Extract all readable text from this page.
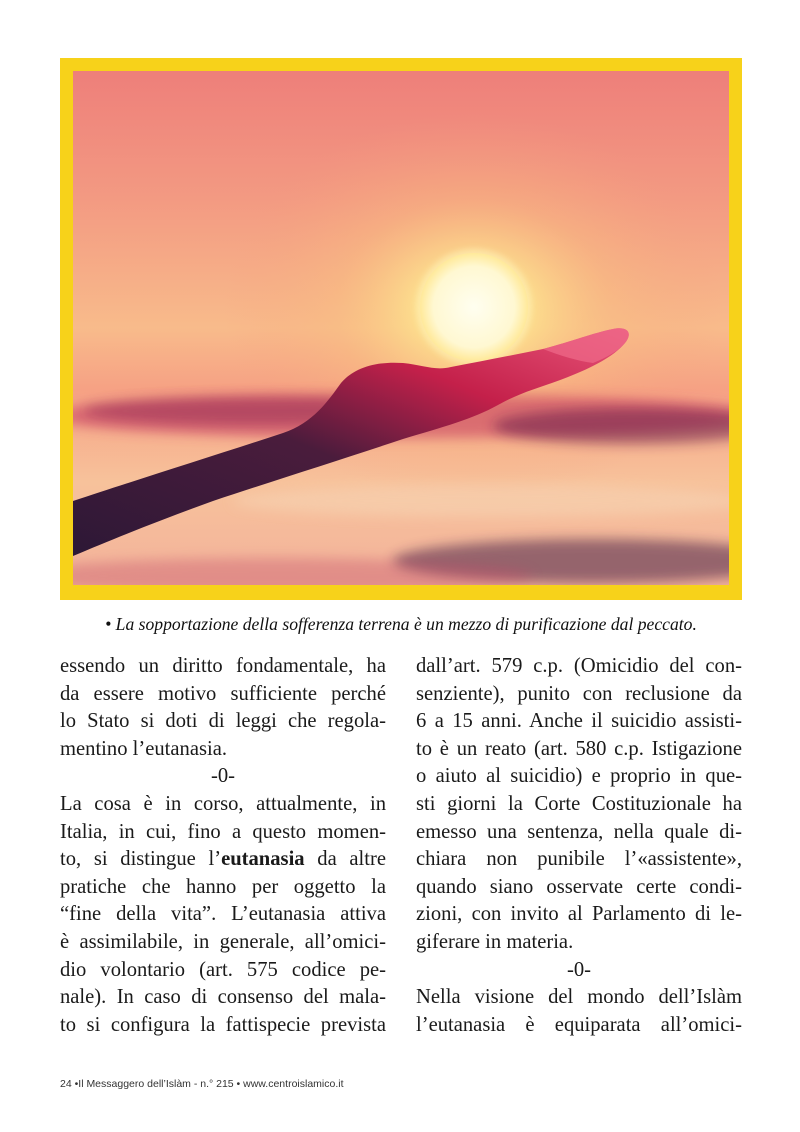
• La sopportazione della sofferenza terrena è un mezzo di purificazione dal peccato.
essendo un diritto fondamentale, ha
da essere motivo sufficiente perché
lo Stato si doti di leggi che regola-
mentino l’eutanasia.
-0-
La cosa è in corso, attualmente, in
Italia, in cui, fino a questo momen-
to, si distingue l’eutanasia da altre
pratiche che hanno per oggetto la
“fine della vita”. L’eutanasia attiva
è assimilabile, in generale, all’omici-
dio volontario (art. 575 codice pe-
nale). In caso di consenso del mala-
to si configura la fattispecie prevista
dall’art. 579 c.p. (Omicidio del con-
senziente), punito con reclusione da
6 a 15 anni. Anche il suicidio assisti-
to è un reato (art. 580 c.p. Istigazione
o aiuto al suicidio) e proprio in que-
sti giorni la Corte Costituzionale ha
emesso una sentenza, nella quale di-
chiara non punibile l’«assistente»,
quando siano osservate certe condi-
zioni, con invito al Parlamento di le-
giferare in materia.
-0-
Nella visione del mondo dell’Islàm
l’eutanasia è equiparata all’omici-
24 •Il Messaggero dell’Islàm - n.° 215 • www.centroislamico.it
